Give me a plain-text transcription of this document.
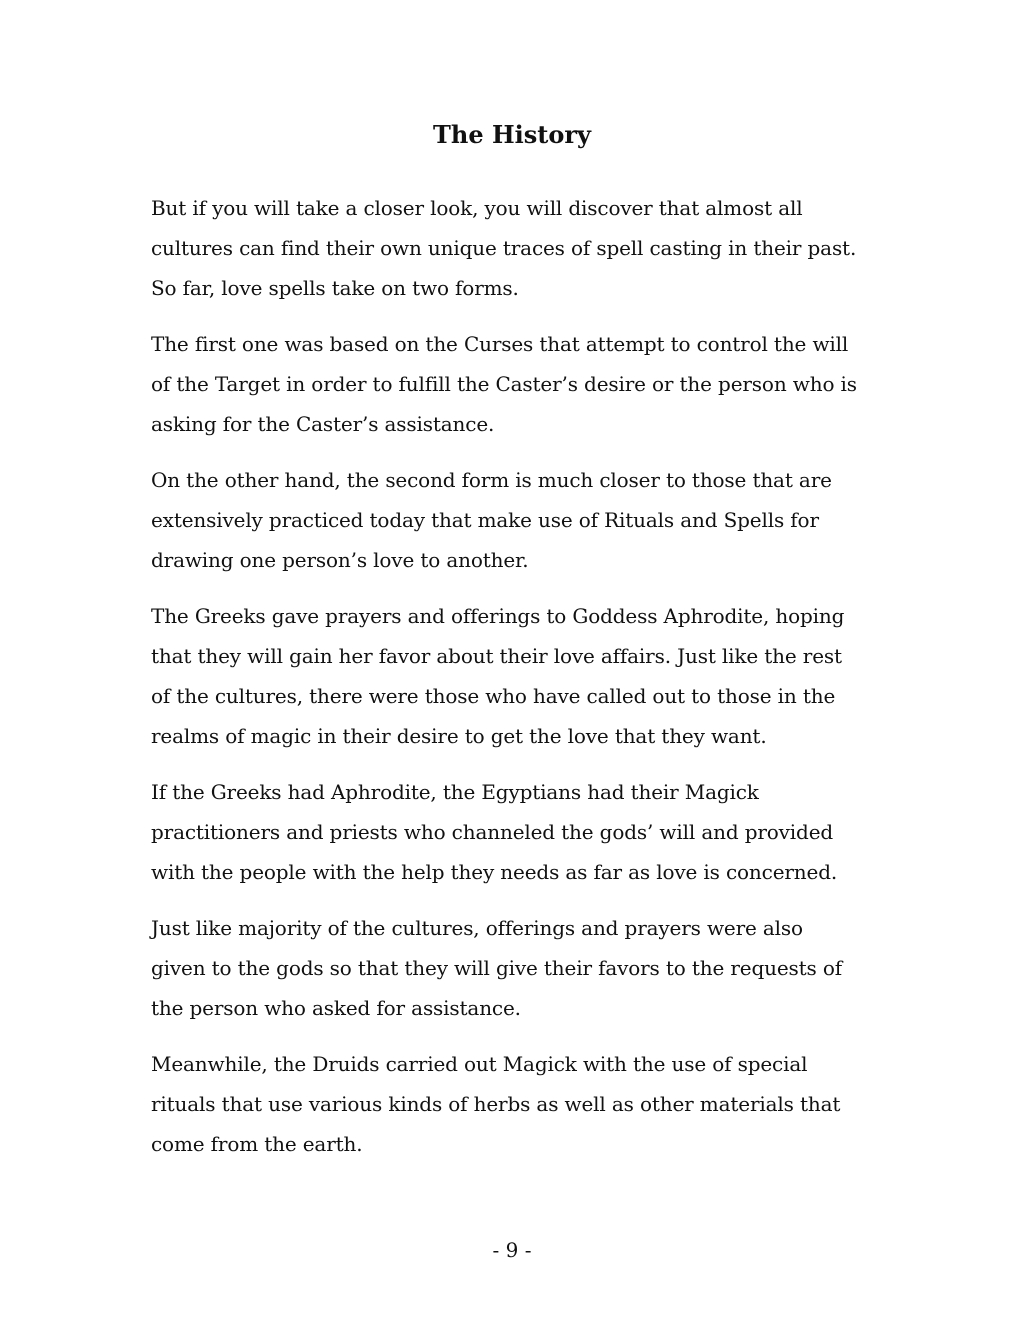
The History

But if you will take a closer look, you will discover that almost all
cultures can find their own unique traces of spell casting in their past.
So far, love spells take on two forms.

The first one was based on the Curses that attempt to control the will
of the Target in order to fulfill the Caster’s desire or the person who is
asking for the Caster’s assistance.

On the other hand, the second form is much closer to those that are
extensively practiced today that make use of Rituals and Spells for
drawing one person’s love to another.

The Greeks gave prayers and offerings to Goddess Aphrodite, hoping
that they will gain her favor about their love affairs. Just like the rest
of the cultures, there were those who have called out to those in the
realms of magic in their desire to get the love that they want.

If the Greeks had Aphrodite, the Egyptians had their Magick
practitioners and priests who channeled the gods’ will and provided
with the people with the help they needs as far as love is concerned.

Just like majority of the cultures, offerings and prayers were also
given to the gods so that they will give their favors to the requests of
the person who asked for assistance.

Meanwhile, the Druids carried out Magick with the use of special
rituals that use various kinds of herbs as well as other materials that
come from the earth.

- 9 -
